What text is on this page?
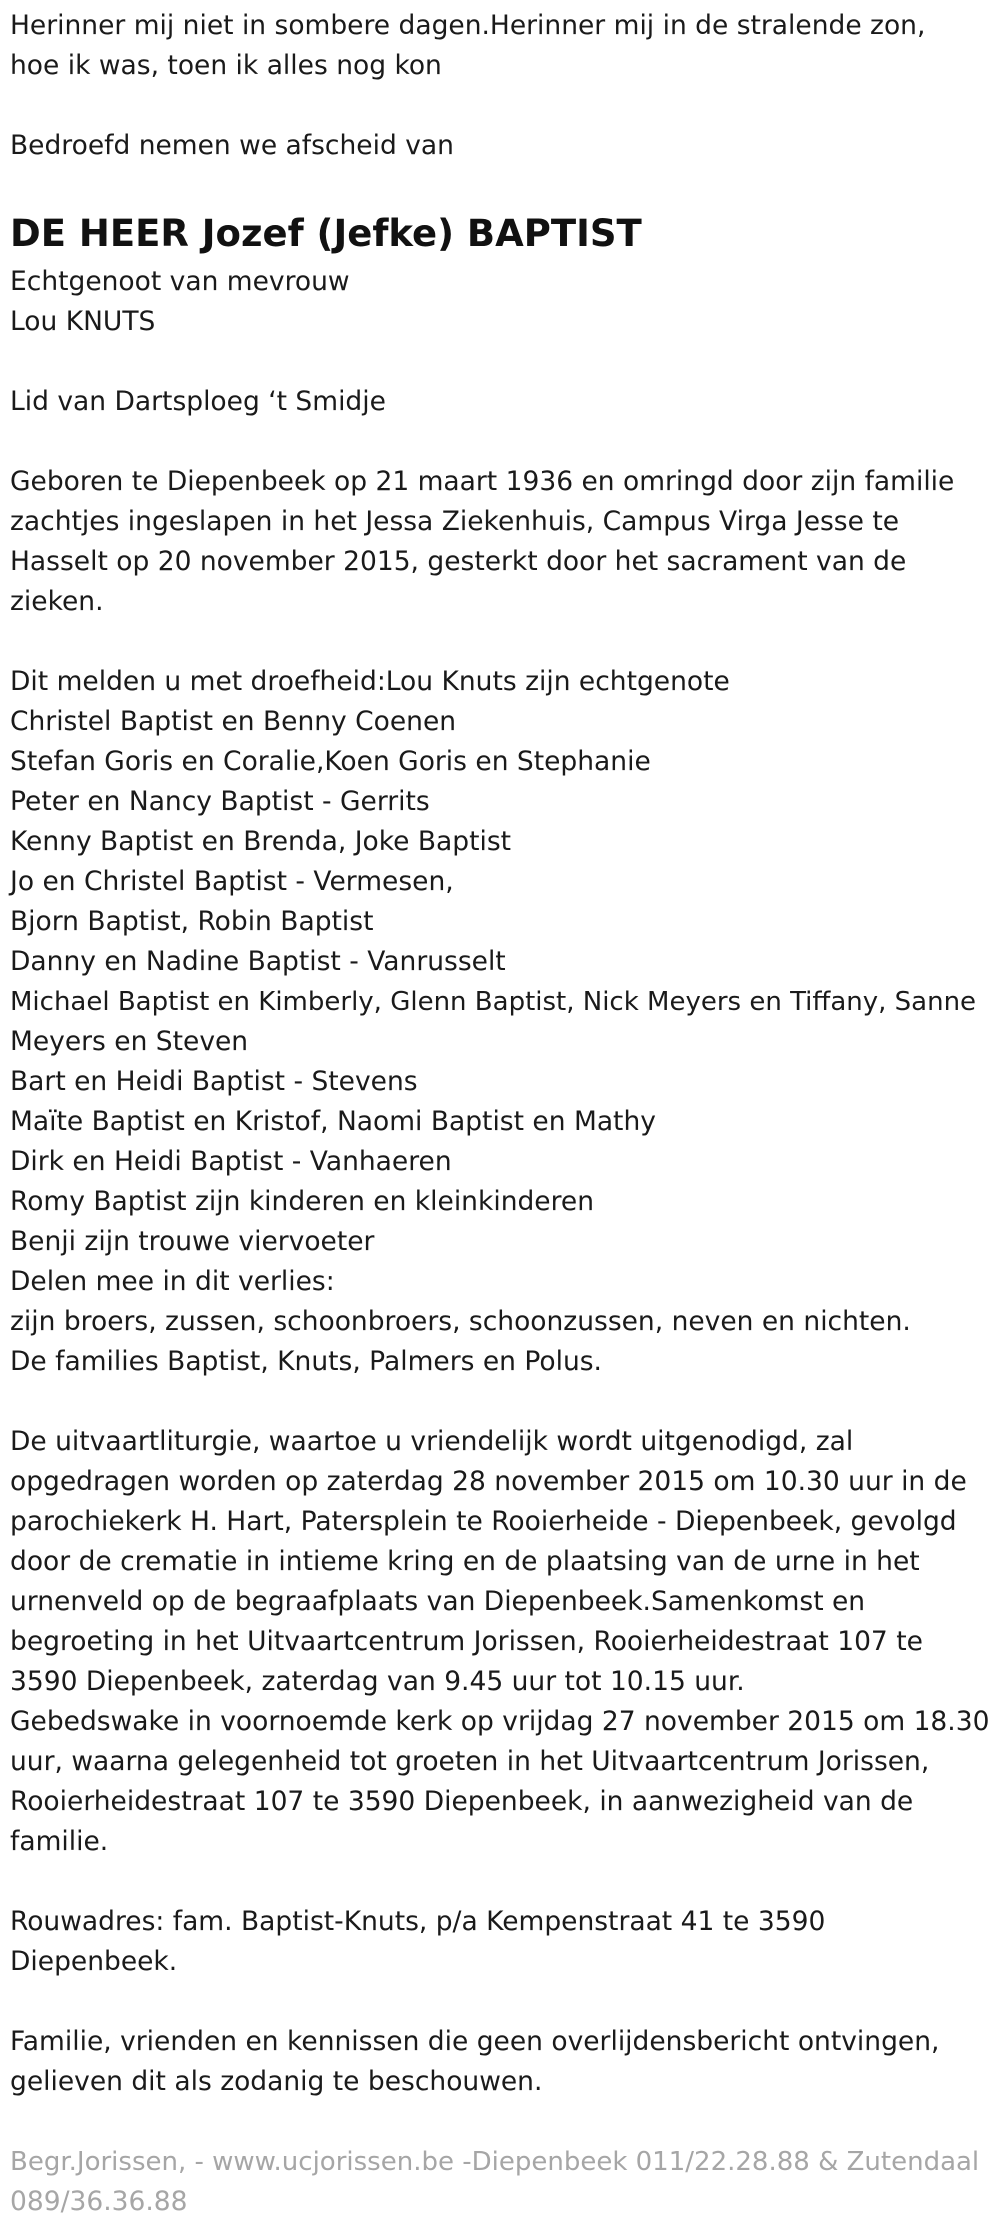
Herinner mij niet in sombere dagen.Herinner mij in de stralende zon,
hoe ik was, toen ik alles nog kon
Bedroefd nemen we afscheid van
DE HEER Jozef (Jefke) BAPTIST
Echtgenoot van mevrouw
Lou KNUTS
Lid van Dartsploeg ‘t Smidje
Geboren te Diepenbeek op 21 maart 1936 en omringd door zijn familie
zachtjes ingeslapen in het Jessa Ziekenhuis, Campus Virga Jesse te
Hasselt op 20 november 2015, gesterkt door het sacrament van de
zieken.
Dit melden u met droefheid:Lou Knuts zijn echtgenote
Christel Baptist en Benny Coenen
Stefan Goris en Coralie,Koen Goris en Stephanie
Peter en Nancy Baptist - Gerrits
Kenny Baptist en Brenda, Joke Baptist
Jo en Christel Baptist - Vermesen,
Bjorn Baptist, Robin Baptist
Danny en Nadine Baptist - Vanrusselt
Michael Baptist en Kimberly, Glenn Baptist, Nick Meyers en Tiffany, Sanne
Meyers en Steven
Bart en Heidi Baptist - Stevens
Maïte Baptist en Kristof, Naomi Baptist en Mathy
Dirk en Heidi Baptist - Vanhaeren
Romy Baptist zijn kinderen en kleinkinderen
Benji zijn trouwe viervoeter
Delen mee in dit verlies:
zijn broers, zussen, schoonbroers, schoonzussen, neven en nichten.
De families Baptist, Knuts, Palmers en Polus.
De uitvaartliturgie, waartoe u vriendelijk wordt uitgenodigd, zal
opgedragen worden op zaterdag 28 november 2015 om 10.30 uur in de
parochiekerk H. Hart, Patersplein te Rooierheide - Diepenbeek, gevolgd
door de crematie in intieme kring en de plaatsing van de urne in het
urnenveld op de begraafplaats van Diepenbeek.Samenkomst en
begroeting in het Uitvaartcentrum Jorissen, Rooierheidestraat 107 te
3590 Diepenbeek, zaterdag van 9.45 uur tot 10.15 uur.
Gebedswake in voornoemde kerk op vrijdag 27 november 2015 om 18.30
uur, waarna gelegenheid tot groeten in het Uitvaartcentrum Jorissen,
Rooierheidestraat 107 te 3590 Diepenbeek, in aanwezigheid van de
familie.
Rouwadres: fam. Baptist-Knuts, p/a Kempenstraat 41 te 3590
Diepenbeek.
Familie, vrienden en kennissen die geen overlijdensbericht ontvingen,
gelieven dit als zodanig te beschouwen.
Begr.Jorissen, - www.ucjorissen.be -Diepenbeek 011/22.28.88 & Zutendaal
089/36.36.88
